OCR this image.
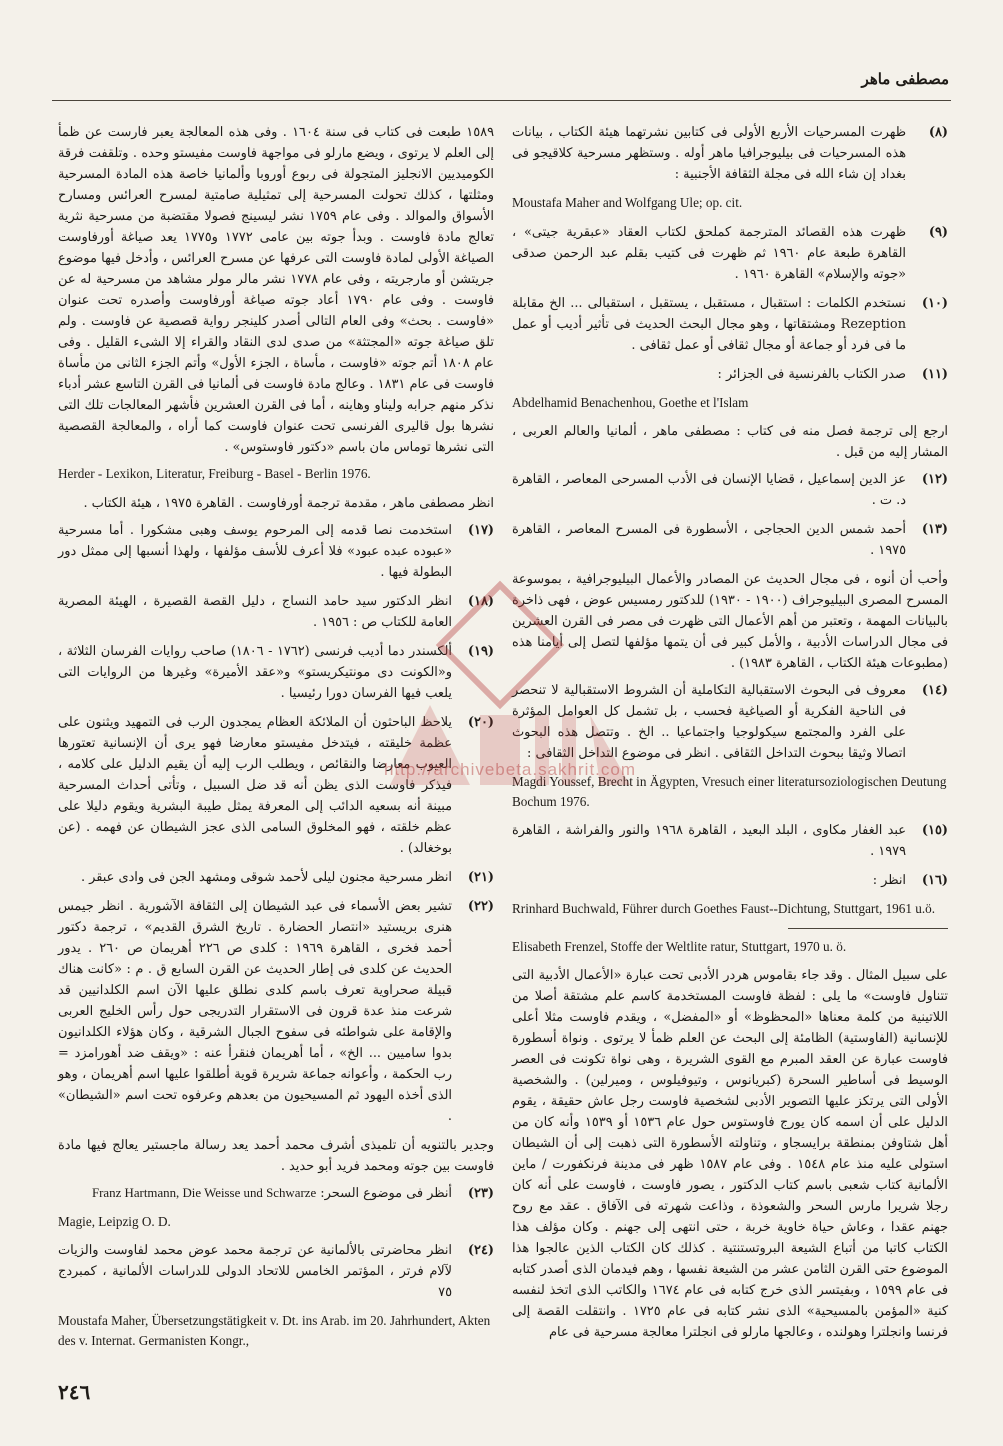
مصطفى ماهر
(٨)
ظهرت المسرحيات الأربع الأولى فى كتابين نشرتهما هيئة الكتاب ، بيانات هذه المسرحيات فى بيليوجرافيا ماهر أوله . وستظهر مسرحية كلاقيجو فى بغداد إن شاء الله فى مجلة الثقافة الأجنبية :
Moustafa Maher and Wolfgang Ule; op. cit.
(٩)
ظهرت هذه القصائد المترجمة كملحق لكتاب العقاد «عبقرية جيتى» ، القاهرة طبعة عام ١٩٦٠ ثم ظهرت فى كتيب بقلم عبد الرحمن صدقى «جوته والإسلام» القاهرة ١٩٦٠ .
(١٠)
نستخدم الكلمات : استقبال ، مستقبل ، يستقبل ، استقبالى ... الخ مقابلة Rezeption ومشتقاتها ، وهو مجال البحث الحديث فى تأثير أديب أو عمل ما فى فرد أو جماعة أو مجال ثقافى أو عمل ثقافى .
(١١)
صدر الكتاب بالفرنسية فى الجزائر :
Abdelhamid Benachenhou, Goethe et l'Islam
ارجع إلى ترجمة فصل منه فى كتاب : مصطفى ماهر ، ألمانيا والعالم العربى ، المشار إليه من قبل .
(١٢)
عز الدين إسماعيل ، قضايا الإنسان فى الأدب المسرحى المعاصر ، القاهرة د. ت .
(١٣)
أحمد شمس الدين الحجاجى ، الأسطورة فى المسرح المعاصر ، القاهرة ١٩٧٥ .
وأحب أن أنوه ، فى مجال الحديث عن المصادر والأعمال البيليوجرافية ، بموسوعة المسرح المصرى البيليوجراف (١٩٠٠ - ١٩٣٠) للدكتور رمسيس عوض ، فهى ذاخرة بالبيانات المهمة ، وتعتبر من أهم الأعمال التى ظهرت فى مصر فى القرن العشرين فى مجال الدراسات الأدبية ، والأمل كبير فى أن يتمها مؤلفها لتصل إلى أيامنا هذه (مطبوعات هيئة الكتاب ، القاهرة ١٩٨٣) .
(١٤)
معروف فى البحوث الاستقبالية التكاملية أن الشروط الاستقبالية لا تنحصر فى الناحية الفكرية أو الصياغية فحسب ، بل تشمل كل العوامل المؤثرة على الفرد والمجتمع سيكولوجيا واجتماعيا .. الخ . وتتصل هذه البحوث اتصالا وثيقا ببحوث التداخل الثقافى . انظر فى موضوع التداخل الثقافى :
Magdi Youssef, Brecht in Ägypten, Vresuch einer literatursoziologischen Deutung Bochum 1976.
(١٥)
عبد الغفار مكاوى ، البلد البعيد ، القاهرة ١٩٦٨ والنور والفراشة ، القاهرة ١٩٧٩ .
(١٦)
انظر :
Rrinhard Buchwald, Führer durch Goethes Faust--Dichtung, Stuttgart, 1961 u.ö.
Elisabeth Frenzel, Stoffe der Weltlite ratur, Stuttgart, 1970 u. ö.
على سبيل المثال . وقد جاء بقاموس هردر الأدبى تحت عبارة «الأعمال الأدبية التى تتناول فاوست» ما يلى : لفظة فاوست المستخدمة كاسم علم مشتقة أصلا من اللاتينية من كلمة معناها «المحظوظ» أو «المفضل» ، ويقدم فاوست مثلا أعلى للإنسانية (الفاوستية) الظامئة إلى البحث عن العلم ظمأ لا يرتوى . ونواة أسطورة فاوست عبارة عن العقد المبرم مع القوى الشريرة ، وهى نواة تكونت فى العصر الوسيط فى أساطير السحرة (كبريانوس ، وتيوفيلوس ، وميرلين) . والشخصية الأولى التى يرتكز عليها التصوير الأدبى لشخصية فاوست رجل عاش حقيقة ، يقوم الدليل على أن اسمه كان يورج فاوستوس حول عام ١٥٣٦ أو ١٥٣٩ وأنه كان من أهل شتاوفن بمنطقة برايسجاو ، وتناولته الأسطورة التى ذهبت إلى أن الشيطان استولى عليه منذ عام ١٥٤٨ . وفى عام ١٥٨٧ ظهر فى مدينة فرنكفورت / ماين الألمانية كتاب شعبى باسم كتاب الدكتور ، يصور فاوست ، فاوست على أنه كان رجلا شريرا مارس السحر والشعوذة ، وذاعت شهرته فى الآفاق . عقد مع روح جهنم عقدا ، وعاش حياة خاوية خربة ، حتى انتهى إلى جهنم . وكان مؤلف هذا الكتاب كاتبا من أتباع الشيعة البروتستنتية . كذلك كان الكتاب الذين عالجوا هذا الموضوع حتى القرن الثامن عشر من الشيعة نفسها ، وهم فيدمان الذى أصدر كتابه فى عام ١٥٩٩ ، وبفيتسر الذى خرج كتابه فى عام ١٦٧٤ والكاتب الذى اتخذ لنفسه كنية «المؤمن بالمسيحية» الذى نشر كتابه فى عام ١٧٢٥ . وانتقلت القصة إلى فرنسا وانجلترا وهولنده ، وعالجها مارلو فى انجلترا معالجة مسرحية فى عام
١٥٨٩ طبعت فى كتاب فى سنة ١٦٠٤ . وفى هذه المعالجة يعبر فارست عن ظمأ إلى العلم لا يرتوى ، ويضع مارلو فى مواجهة فاوست مفيستو وحده . وتلقفت فرقة الكوميديين الانجليز المتجولة فى ربوع أوروبا وألمانيا خاصة هذه المادة المسرحية ومثلتها ، كذلك تحولت المسرحية إلى تمثيلية صامتية لمسرح العرائس ومسارح الأسواق والموالد . وفى عام ١٧٥٩ نشر ليسينج فصولا مقتضبة من مسرحية نثرية تعالج مادة فاوست . وبدأ جوته بين عامى ١٧٧٢ و١٧٧٥ يعد صياغة أورفاوست الصياغة الأولى لمادة فاوست التى عرفها عن مسرح العرائس ، وأدخل فيها موضوع جريتشن أو مارجريته ، وفى عام ١٧٧٨ نشر مالر مولر مشاهد من مسرحية له عن فاوست . وفى عام ١٧٩٠ أعاد جوته صياغة أورفاوست وأصدره تحت عنوان «فاوست . بحث» وفى العام التالى أصدر كلينجر رواية قصصية عن فاوست . ولم تلق صياغة جوته «المجتثة» من صدى لدى النقاد والقراء إلا الشىء القليل . وفى عام ١٨٠٨ أتم جوته «فاوست ، مأساة ، الجزء الأول» وأتم الجزء الثانى من مأساة فاوست فى عام ١٨٣١ . وعالج مادة فاوست فى ألمانيا فى القرن التاسع عشر أدباء نذكر منهم جرابه وليناو وهاينه ، أما فى القرن العشرين فأشهر المعالجات تلك التى نشرها بول قاليرى الفرنسى تحت عنوان فاوست كما أراه ، والمعالجة القصصية التى نشرها توماس مان باسم «دكتور فاوستوس» .
Herder - Lexikon, Literatur, Freiburg - Basel - Berlin 1976.
انظر مصطفى ماهر ، مقدمة ترجمة أورفاوست . القاهرة ١٩٧٥ ، هيئة الكتاب .
(١٧)
استخدمت نصا قدمه إلى المرحوم يوسف وهبى مشكورا . أما مسرحية «عبوده عبده عبود» فلا أعرف للأسف مؤلفها ، ولهذا أنسبها إلى ممثل دور البطولة فيها .
(١٨)
انظر الدكتور سيد حامد النساج ، دليل القصة القصيرة ، الهيئة المصرية العامة للكتاب ص : ١٩٥٦ .
(١٩)
ألكسندر دما أديب فرنسى (١٧٦٢ - ١٨٠٦) صاحب روايات الفرسان الثلاثة ، و«الكونت دى مونتيكريستو» و«عقد الأميرة» وغيرها من الروايات التى يلعب فيها الفرسان دورا رئيسيا .
(٢٠)
يلاحظ الباحثون أن الملائكة العظام يمجدون الرب فى التمهيد ويثنون على عظمة خليقته ، فيتدخل مفيستو معارضا فهو يرى أن الإنسانية تعتورها العيوب معارضا والنقائص ، ويطلب الرب إليه أن يقيم الدليل على كلامه ، فيذكر فاوست الذى يظن أنه قد ضل السبيل ، وتأتى أحداث المسرحية مبينة أنه بسعيه الدائب إلى المعرفة يمثل طيبة البشرية ويقوم دليلا على عظم خلقته ، فهو المخلوق السامى الذى عجز الشيطان عن فهمه . (عن بوخغالد) .
(٢١)
انظر مسرحية مجنون ليلى لأحمد شوقى ومشهد الجن فى وادى عبقر .
(٢٢)
تشير بعض الأسماء فى عبد الشيطان إلى الثقافة الآشورية . انظر جيمس هنرى بريستيد «انتصار الحضارة . تاريخ الشرق القديم» ، ترجمة دكتور أحمد فخرى ، القاهرة ١٩٦٩ : كلدى ص ٢٢٦ أهريمان ص ٢٦٠ . يدور الحديث عن كلدى فى إطار الحديث عن القرن السابع ق . م : «كانت هناك قبيلة صحراوية تعرف باسم كلدى نطلق عليها الآن اسم الكلدانيين قد شرعت منذ عدة قرون فى الاستقرار التدريجى حول رأس الخليج العربى والإقامة على شواطئه فى سفوح الجبال الشرقية ، وكان هؤلاء الكلدانيون بدوا ساميين ... الخ» ، أما أهريمان فنقرأ عنه : «ويقف ضد أهورامزد = رب الحكمة ، وأعوانه جماعة شريرة قوية أطلقوا عليها اسم أهريمان ، وهو الذى أخذه اليهود ثم المسيحيون من بعدهم وعرفوه تحت اسم «الشيطان» .
وجدير بالتنويه أن تلميذى أشرف محمد أحمد يعد رسالة ماجستير يعالج فيها مادة فاوست بين جوته ومحمد فريد أبو حديد .
(٢٣)
أنظر فى موضوع السحر: Franz Hartmann, Die Weisse und Schwarze
Magie, Leipzig O. D.
(٢٤)
انظر محاضرتى بالألمانية عن ترجمة محمد عوض محمد لفاوست والزيات لآلام فرتر ، المؤتمر الخامس للاتحاد الدولى للدراسات الألمانية ، كمبردج ٧٥
Moustafa Maher, Übersetzungstätigkeit v. Dt. ins Arab. im 20. Jahrhundert, Akten des v. Internat. Germanisten Kongr.,
http://archivebeta.sakhrit.com
٢٤٦
